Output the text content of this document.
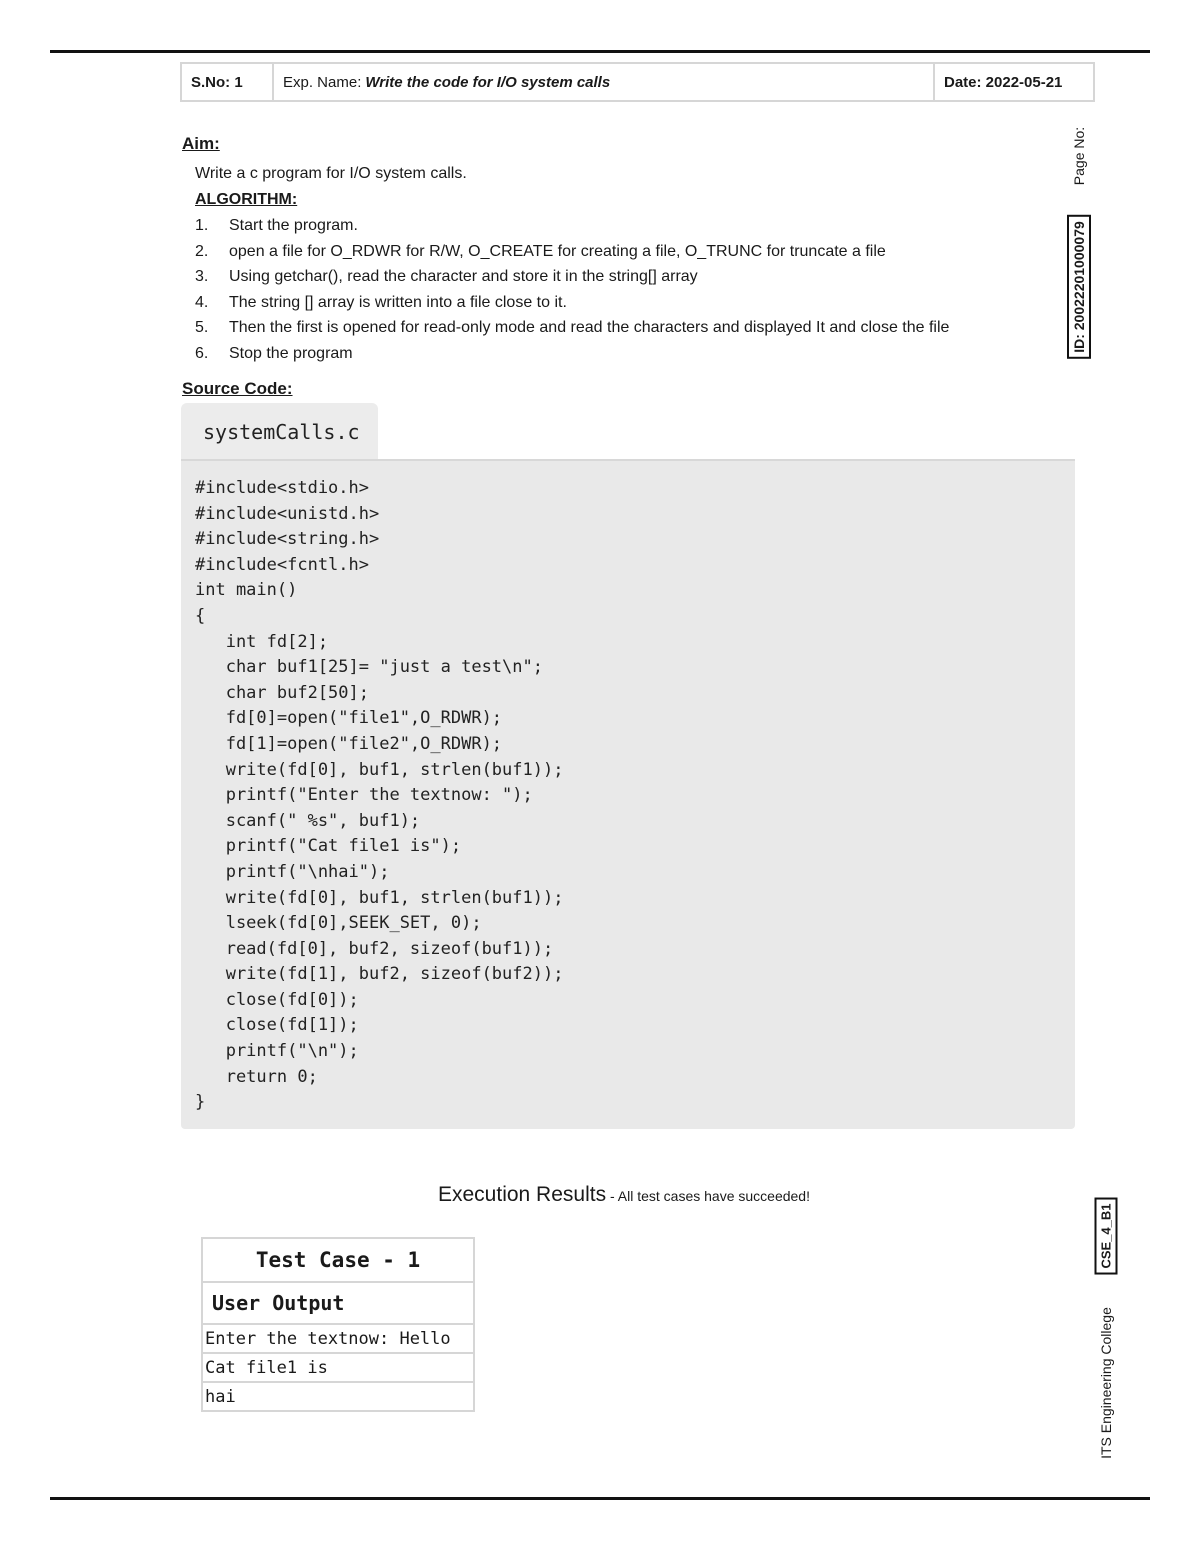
S.No: 1	Exp. Name: Write the code for I/O system calls	Date: 2022-05-21
Aim:
Write a c program for I/O system calls.
ALGORITHM:
1.	Start the program.
2.	open a file for O_RDWR for R/W, O_CREATE for creating a file, O_TRUNC for truncate a file
3.	Using getchar(), read the character and store it in the string[] array
4.	The string [] array is written into a file close to it.
5.	Then the first is opened for read-only mode and read the characters and displayed It and close the file
6.	Stop the program
Source Code:
systemCalls.c
#include<stdio.h>
#include<unistd.h>
#include<string.h>
#include<fcntl.h>
int main()
{
int fd[2];
char buf1[25]= "just a test\n";
char buf2[50];
fd[0]=open("file1",O_RDWR);
fd[1]=open("file2",O_RDWR);
write(fd[0], buf1, strlen(buf1));
printf("Enter the textnow: ");
scanf(" %s", buf1);
printf("Cat file1 is");
printf("\nhai");
write(fd[0], buf1, strlen(buf1));
lseek(fd[0],SEEK_SET, 0);
read(fd[0], buf2, sizeof(buf1));
write(fd[1], buf2, sizeof(buf2));
close(fd[0]);
close(fd[1]);
printf("\n");
return 0;
}
Execution Results - All test cases have succeeded!
Test Case - 1
User Output
Enter the textnow: Hello
Cat file1 is
hai
Page No:
ID: 20022201000079
CSE_4_B1
ITS Engineering College
